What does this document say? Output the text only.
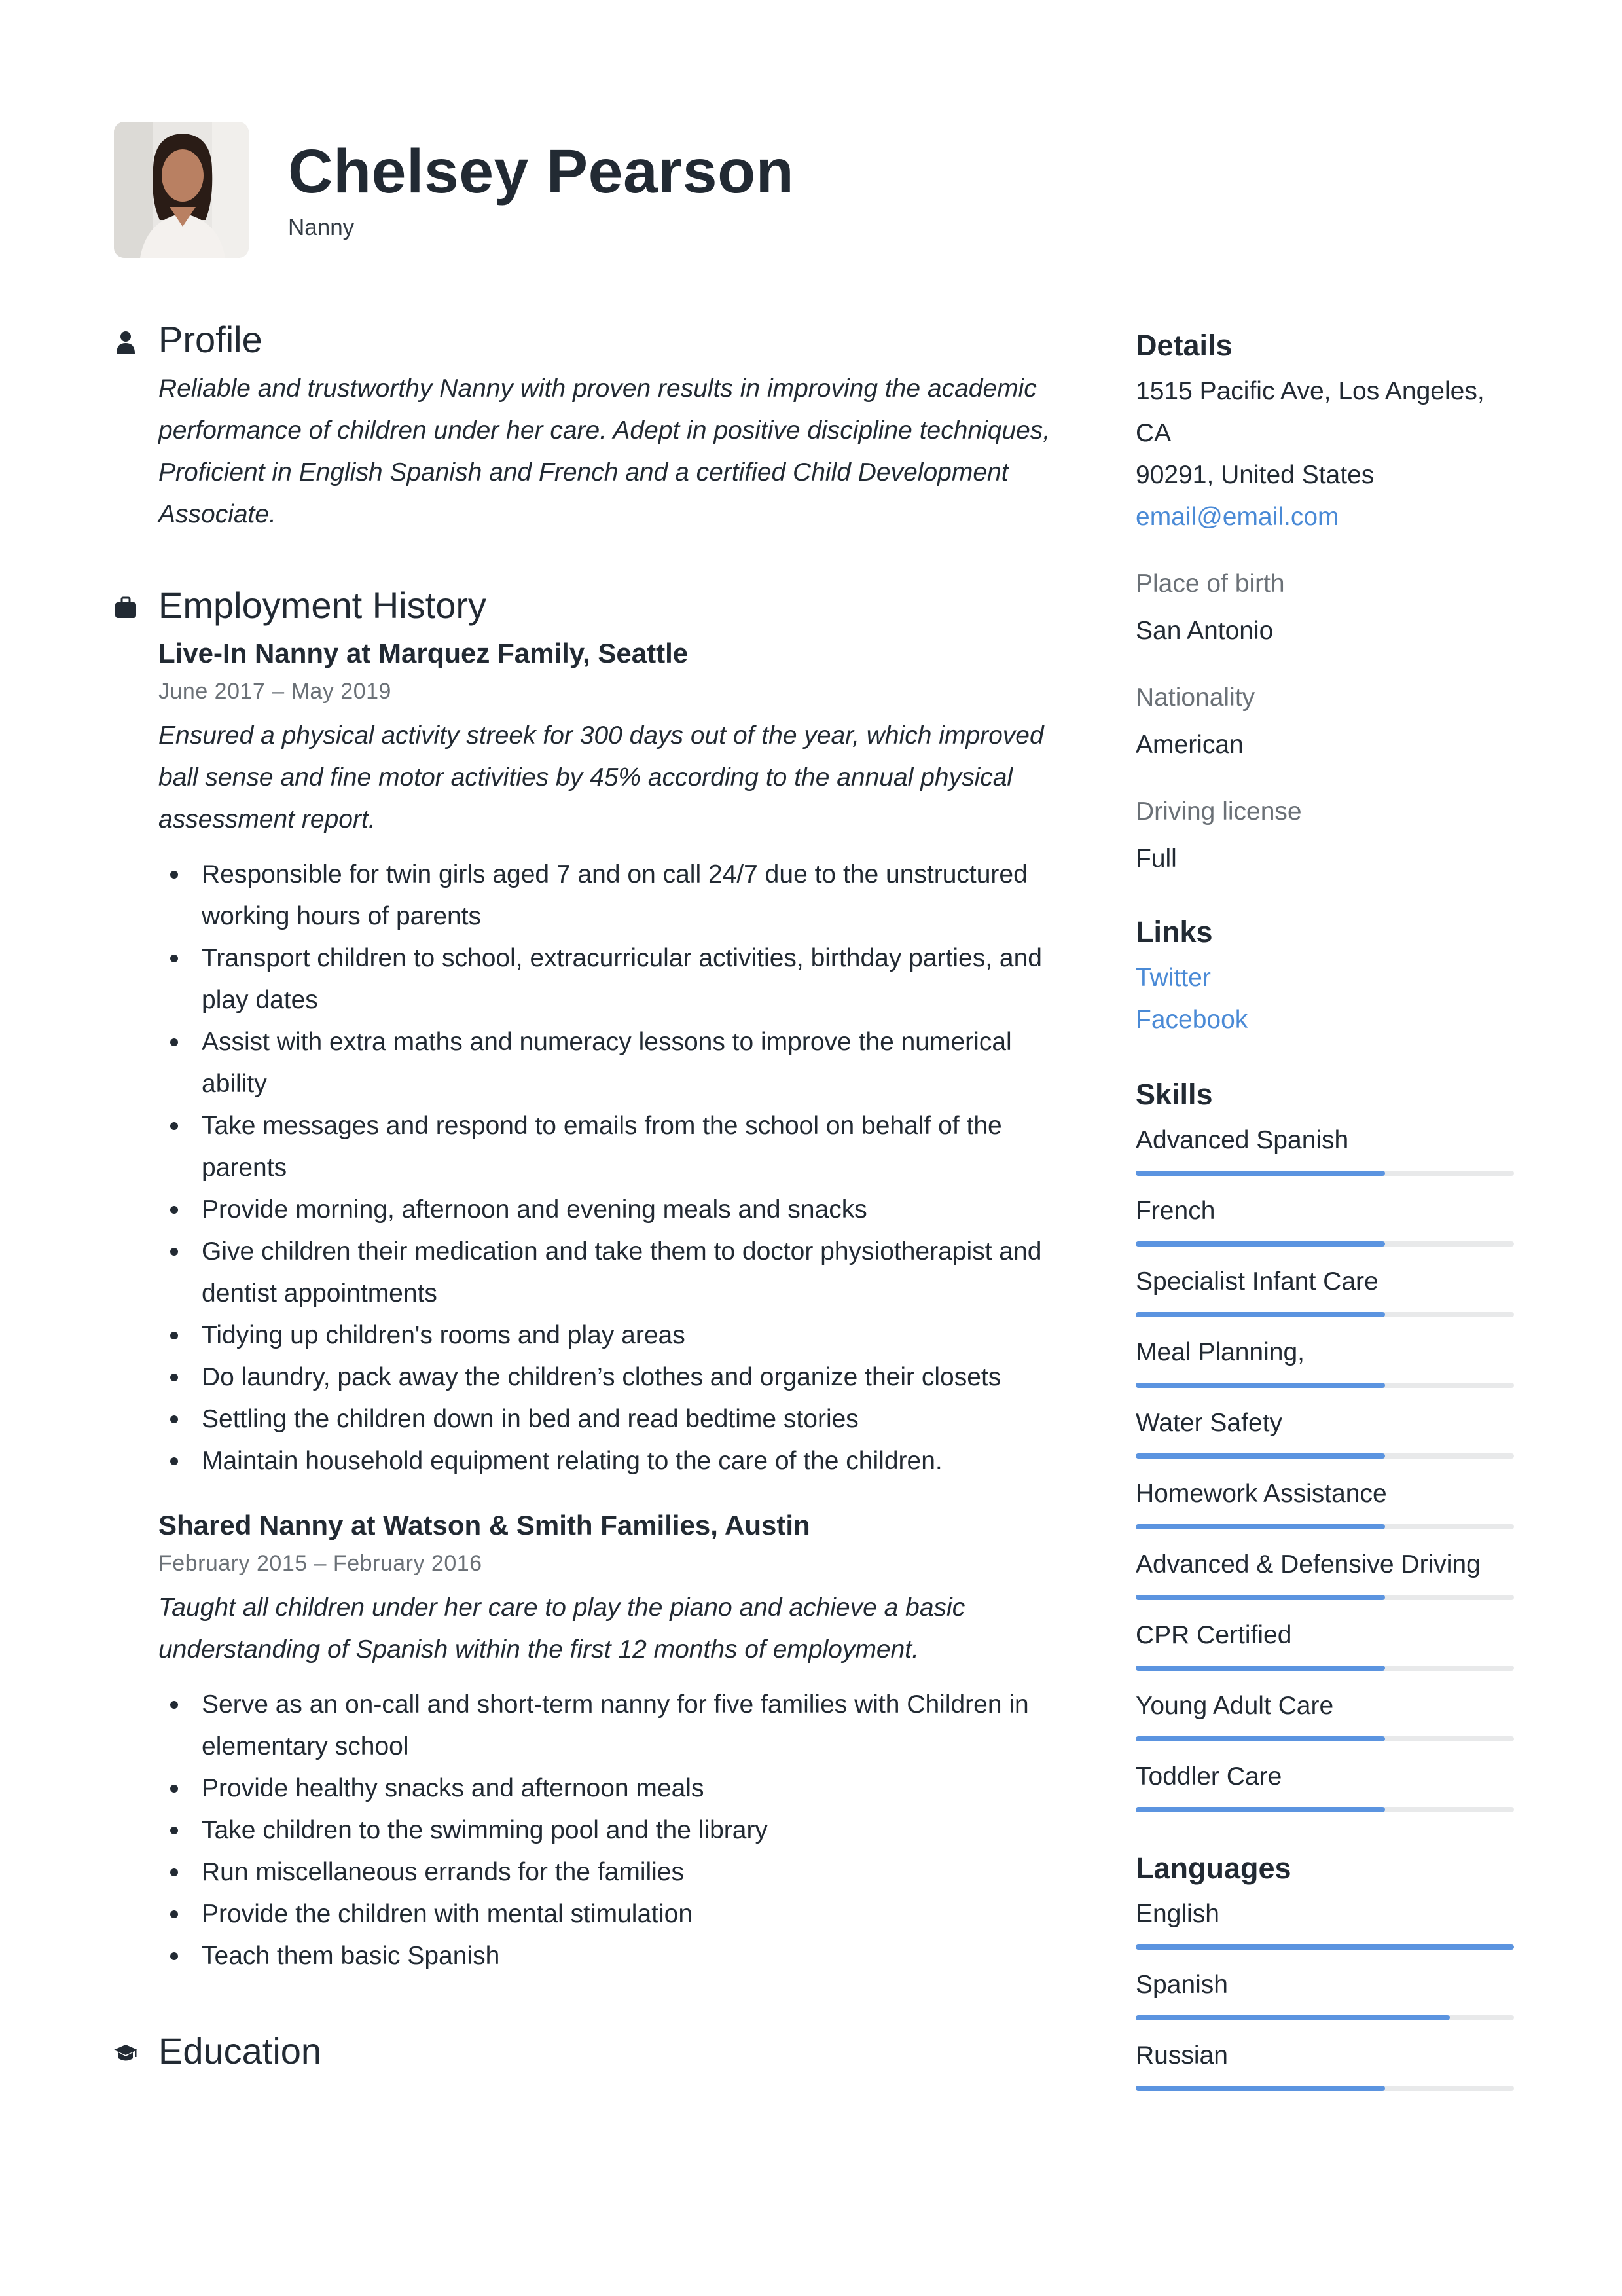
Chelsey Pearson
Nanny
Profile

Reliable and trustworthy Nanny with proven results in improving the academic performance of children under her care. Adept in positive discipline techniques, Proficient in English Spanish and French and a certified Child Development Associate.

Employment History
Live-In Nanny at Marquez Family, Seattle
June 2017 – May 2019

Ensured a physical activity streek for 300 days out of the year, which improved ball sense and fine motor activities by 45% according to the annual physical assessment report.

Responsible for twin girls aged 7 and on call 24/7 due to the unstructured working hours of parents
Transport children to school, extracurricular activities, birthday parties, and play dates
Assist with extra maths and numeracy lessons to improve the numerical ability
Take messages and respond to emails from the school on behalf of the parents
Provide morning, afternoon and evening meals and snacks
Give children their medication and take them to doctor physiotherapist and dentist appointments
Tidying up children's rooms and play areas
Do laundry, pack away the children’s clothes and organize their closets
Settling the children down in bed and read bedtime stories
Maintain household equipment relating to the care of the children.
Shared Nanny at Watson & Smith Families, Austin
February 2015 – February 2016

Taught all children under her care to play the piano and achieve a basic understanding of Spanish within the first 12 months of employment.

Serve as an on-call and short-term nanny for five families with Children in elementary school
Provide healthy snacks and afternoon meals
Take children to the swimming pool and the library
Run miscellaneous errands for the families
Provide the children with mental stimulation
Teach them basic Spanish
Education
Details
1515 Pacific Ave, Los Angeles, CA
90291, United States
email@email.com
Place of birth
San Antonio
Nationality
American
Driving license
Full
Links
Twitter
Facebook
Skills
Advanced Spanish
French
Specialist Infant Care
Meal Planning,
Water Safety
Homework Assistance
Advanced & Defensive Driving
CPR Certified
Young Adult Care
Toddler Care
Languages
English
Spanish
Russian
